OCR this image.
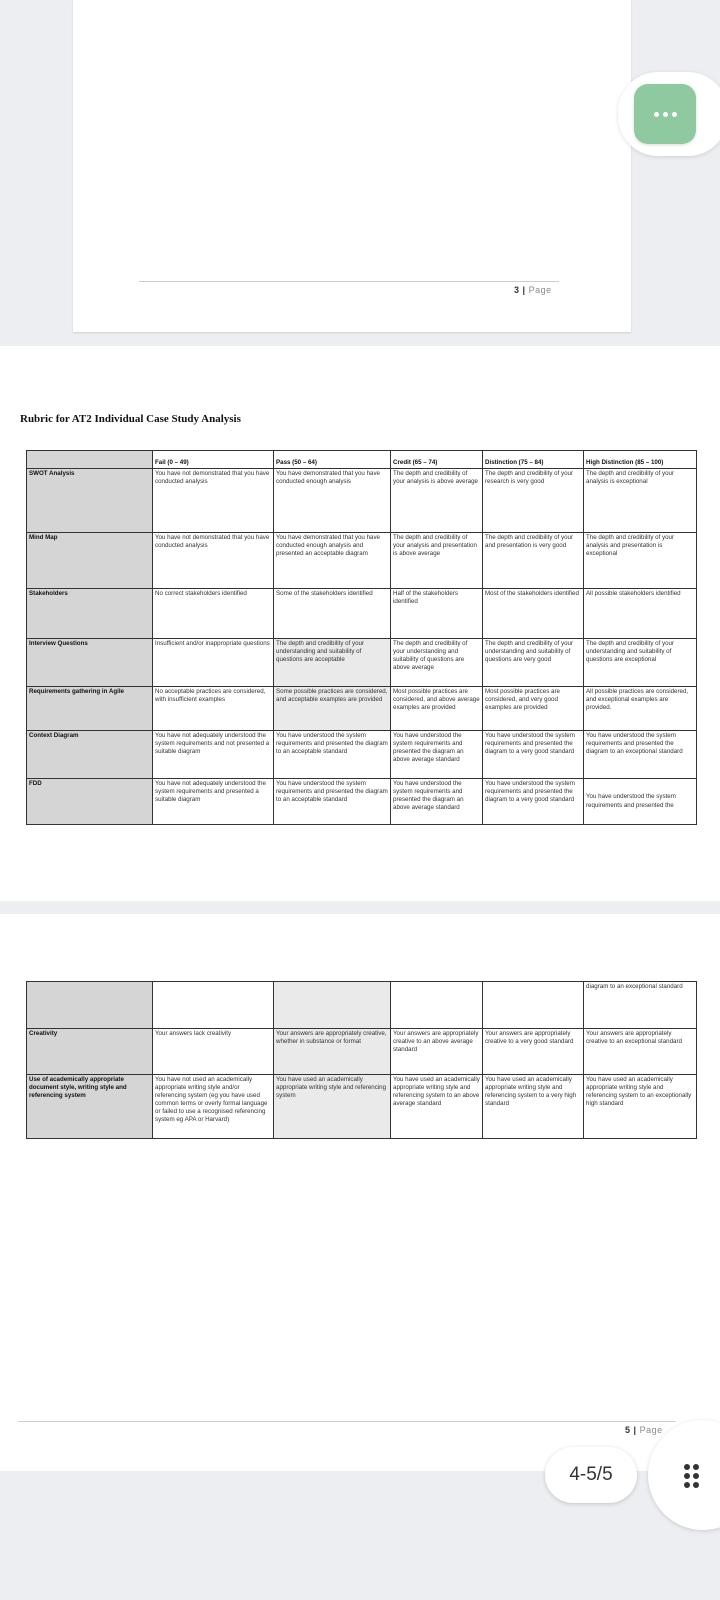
3 | Page
Rubric for AT2 Individual Case Study Analysis
	Fail (0 – 49)	Pass (50 – 64)	Credit (65 – 74)	Distinction (75 – 84)	High Distinction (85 – 100)
SWOT Analysis	You have not demonstrated that you have conducted analysis	You have demonstrated that you have conducted enough analysis	The depth and credibility of your analysis is above average	The depth and credibility of your research is very good	The depth and credibility of your analysis is exceptional
Mind Map	You have not demonstrated that you have conducted analysis	You have demonstrated that you have conducted enough analysis and presented an acceptable diagram	The depth and credibility of your analysis and presentation is above average	The depth and credibility of your and presentation is very good	The depth and credibility of your analysis and presentation is exceptional
Stakeholders	No correct stakeholders identified	Some of the stakeholders identified	Half of the stakeholders identified	Most of the stakeholders identified	All possible stakeholders identified
Interview Questions	Insufficient and/or inappropriate questions	The depth and credibility of your understanding and suitability of questions are acceptable	The depth and credibility of your understanding and suitability of questions are above average	The depth and credibility of your understanding and suitability of questions are very good	The depth and credibility of your understanding and suitability of questions are exceptional
Requirements gathering in Agile	No acceptable practices are considered, with insufficient examples	Some possible practices are considered, and acceptable examples are provided	Most possible practices are considered, and above average examples are provided	Most possible practices are considered, and very good examples are provided	All possible practices are considered, and exceptional examples are provided.
Context Diagram	You have not adequately understood the system requirements and not presented a suitable diagram	You have understood the system requirements and presented the diagram to an acceptable standard	You have understood the system requirements and presented the diagram an above average standard	You have understood the system requirements and presented the diagram to a very good standard	You have understood the system requirements and presented the diagram to an exceptional standard
FDD	You have not adequately understood the system requirements and presented a suitable diagram	You have understood the system requirements and presented the diagram to an acceptable standard	You have understood the system requirements and presented the diagram an above average standard	You have understood the system requirements and presented the diagram to a very good standard	You have understood the system requirements and presented the
					diagram to an exceptional standard
Creativity	Your answers lack creativity	Your answers are appropriately creative, whether in substance or format	Your answers are appropriately creative to an above average standard	Your answers are appropriately creative to a very good standard	Your answers are appropriately creative to an exceptional standard
Use of academically appropriate document style, writing style and referencing system	You have not used an academically appropriate writing style and/or referencing system (eg you have used common terms or overly formal language or failed to use a recognised referencing system eg APA or Harvard)	You have used an academically appropriate writing style and referencing system	You have used an academically appropriate writing style and referencing system to an above average standard	You have used an academically appropriate writing style and referencing system to a very high standard	You have used an academically appropriate writing style and referencing system to an exceptionally high standard
5 | Page
4-5/5
